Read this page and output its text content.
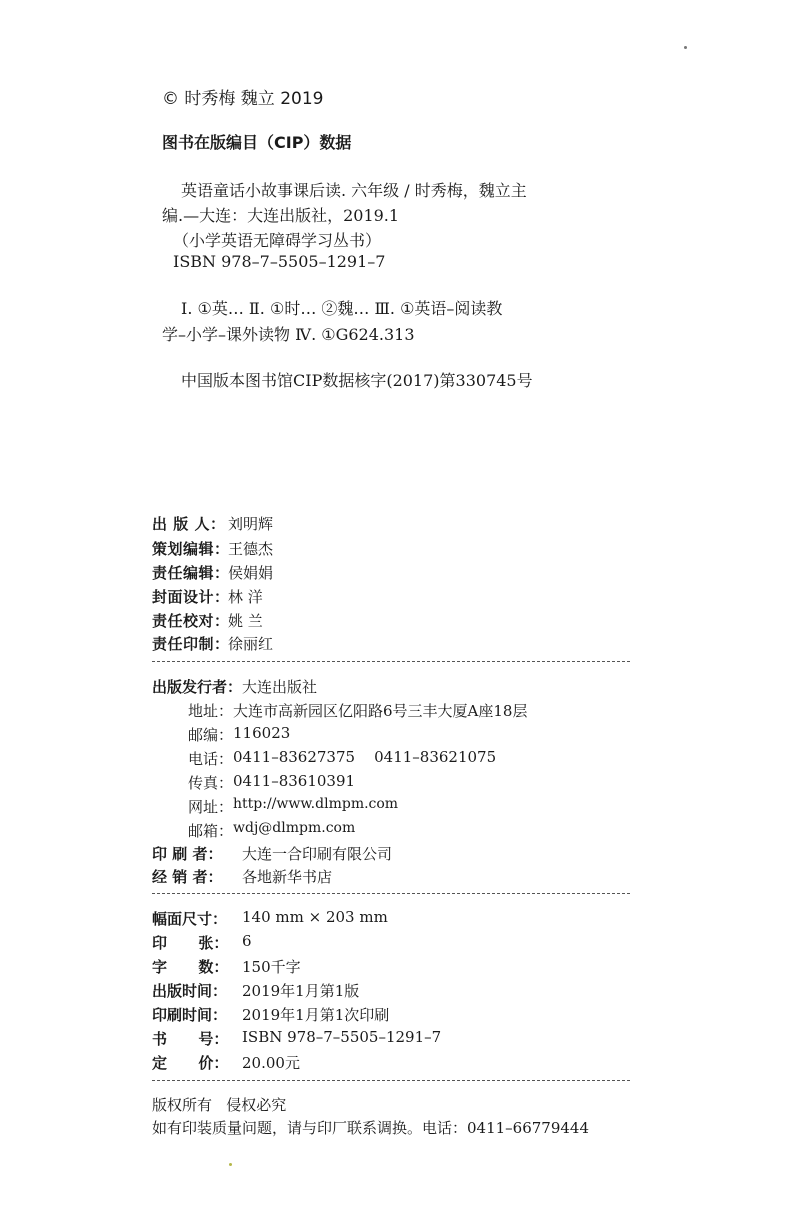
© 时秀梅 魏立 2019
图书在版编目（CIP）数据
英语童话小故事课后读. 六年级 / 时秀梅，魏立主
编.—大连：大连出版社，2019.1
（小学英语无障碍学习丛书）
ISBN 978–7–5505–1291–7
Ⅰ. ①英… Ⅱ. ①时… ②魏… Ⅲ. ①英语–阅读教
学–小学–课外读物 Ⅳ. ①G624.313
中国版本图书馆CIP数据核字(2017)第330745号
出 版 人： 刘明辉
策划编辑：
王德杰
责任编辑：
侯娟娟
封面设计：
林 洋
责任校对：
姚 兰
责任印制：
徐丽红
出版发行者： 大连出版社
地址： 大连市高新园区亿阳路6号三丰大厦A座18层
邮编： 116023
电话： 0411–83627375    0411–83621075
传真： 0411–83610391
网址： http://www.dlmpm.com
邮箱： wdj@dlmpm.com
印 刷 者：	大连一合印刷有限公司
经 销 者：	各地新华书店
幅面尺寸： 140 mm × 203 mm
印      张： 6
字      数： 150千字
出版时间： 2019年1月第1版
印刷时间： 2019年1月第1次印刷
书      号： ISBN 978–7–5505–1291–7
定      价： 20.00元
版权所有   侵权必究
如有印装质量问题，请与印厂联系调换。电话：0411–66779444
